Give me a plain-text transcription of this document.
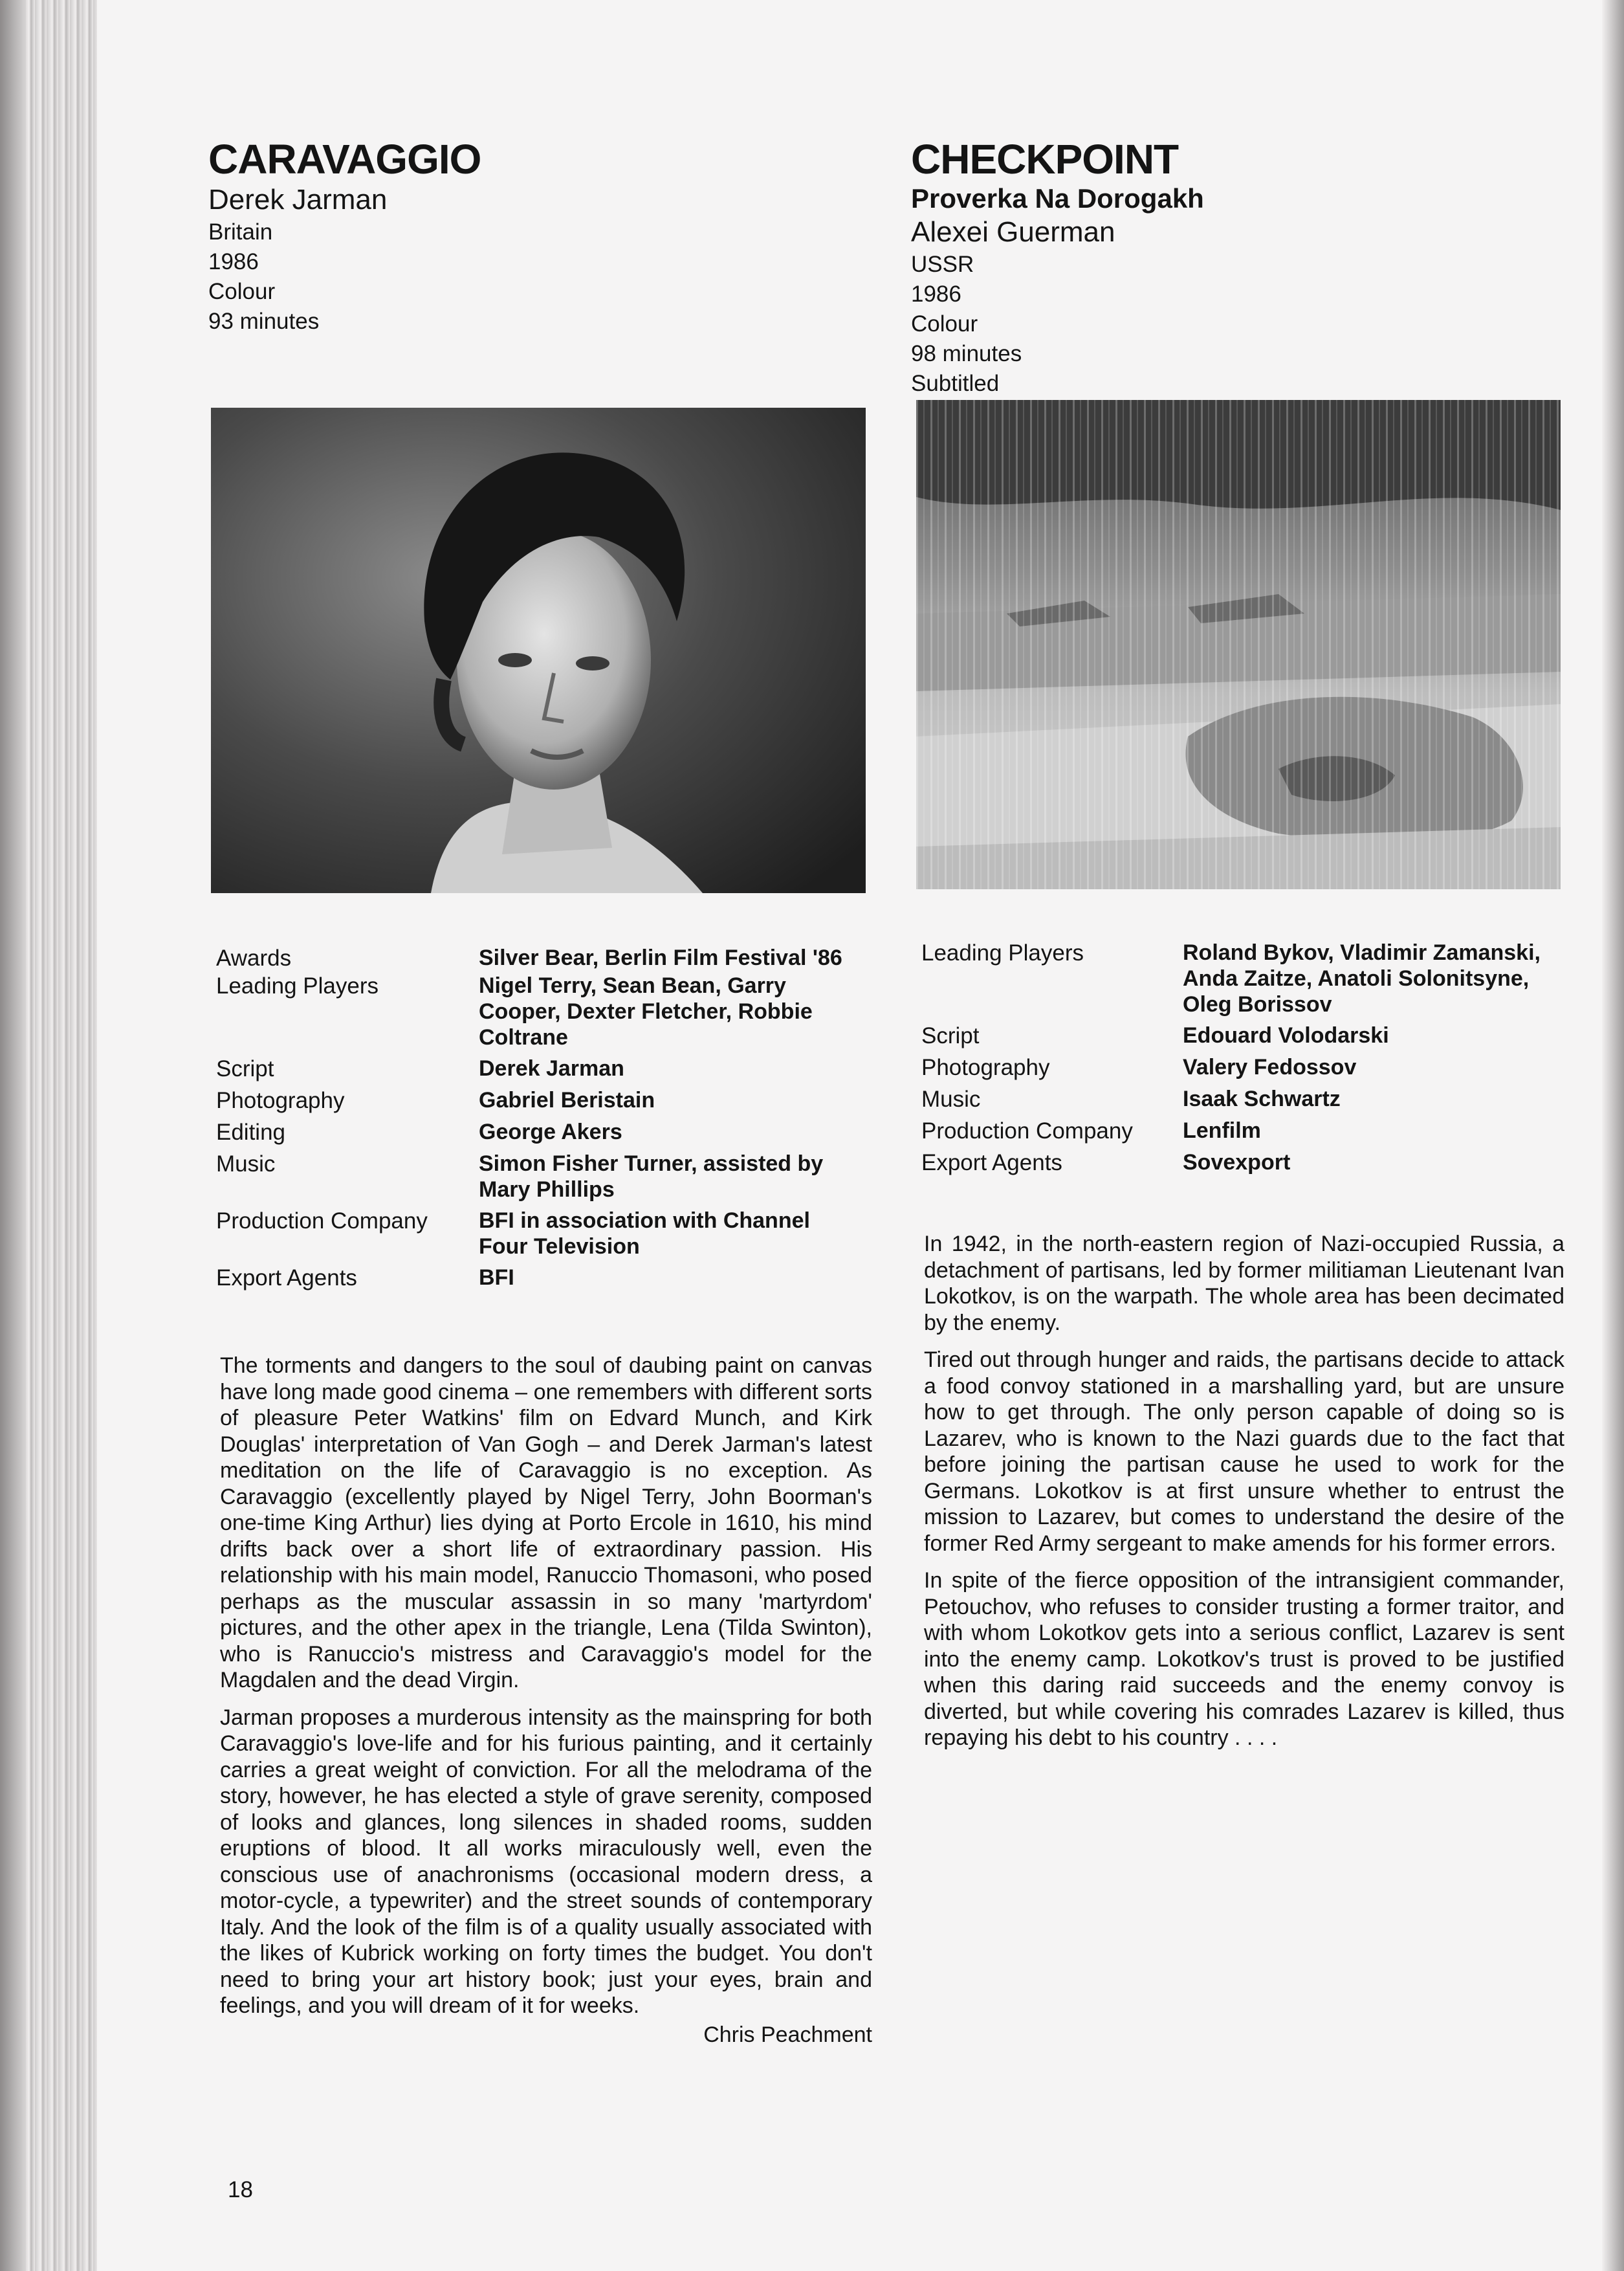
CARAVAGGIO
Derek Jarman
Britain
1986
Colour
93 minutes
Awards	Silver Bear, Berlin Film Festival '86
Leading Players	Nigel Terry, Sean Bean, Garry Cooper, Dexter Fletcher, Robbie Coltrane
Script	Derek Jarman
Photography	Gabriel Beristain
Editing	George Akers
Music	Simon Fisher Turner, assisted by Mary Phillips
Production Company	BFI in association with Channel Four Television
Export Agents	BFI

The torments and dangers to the soul of daubing paint on canvas have long made good cinema – one remembers with different sorts of pleasure Peter Watkins' film on Edvard Munch, and Kirk Douglas' interpretation of Van Gogh – and Derek Jarman's latest meditation on the life of Caravaggio is no exception. As Caravaggio (excellently played by Nigel Terry, John Boorman's one-time King Arthur) lies dying at Porto Ercole in 1610, his mind drifts back over a short life of extraordinary passion. His relationship with his main model, Ranuccio Thomasoni, who posed perhaps as the muscular assassin in so many 'martyrdom' pictures, and the other apex in the triangle, Lena (Tilda Swinton), who is Ranuccio's mistress and Caravaggio's model for the Magdalen and the dead Virgin.

Jarman proposes a murderous intensity as the mainspring for both Caravaggio's love-life and for his furious painting, and it certainly carries a great weight of conviction. For all the melodrama of the story, however, he has elected a style of grave serenity, composed of looks and glances, long silences in shaded rooms, sudden eruptions of blood. It all works miraculously well, even the conscious use of anachronisms (occasional modern dress, a motor-cycle, a typewriter) and the street sounds of contemporary Italy. And the look of the film is of a quality usually associated with the likes of Kubrick working on forty times the budget. You don't need to bring your art history book; just your eyes, brain and feelings, and you will dream of it for weeks.

Chris Peachment

18
CHECKPOINT
Proverka Na Dorogakh
Alexei Guerman
USSR
1986
Colour
98 minutes
Subtitled
Leading Players	Roland Bykov, Vladimir Zamanski, Anda Zaitze, Anatoli Solonitsyne, Oleg Borissov
Script	Edouard Volodarski
Photography	Valery Fedossov
Music	Isaak Schwartz
Production Company	Lenfilm
Export Agents	Sovexport

In 1942, in the north-eastern region of Nazi-occupied Russia, a detachment of partisans, led by former militiaman Lieutenant Ivan Lokotkov, is on the warpath. The whole area has been decimated by the enemy.

Tired out through hunger and raids, the partisans decide to attack a food convoy stationed in a marshalling yard, but are unsure how to get through. The only person capable of doing so is Lazarev, who is known to the Nazi guards due to the fact that before joining the partisan cause he used to work for the Germans. Lokotkov is at first unsure whether to entrust the mission to Lazarev, but comes to understand the desire of the former Red Army sergeant to make amends for his former errors.

In spite of the fierce opposition of the intransigient commander, Petouchov, who refuses to consider trusting a former traitor, and with whom Lokotkov gets into a serious conflict, Lazarev is sent into the enemy camp. Lokotkov's trust is proved to be justified when this daring raid succeeds and the enemy convoy is diverted, but while covering his comrades Lazarev is killed, thus repaying his debt to his country . . . .
